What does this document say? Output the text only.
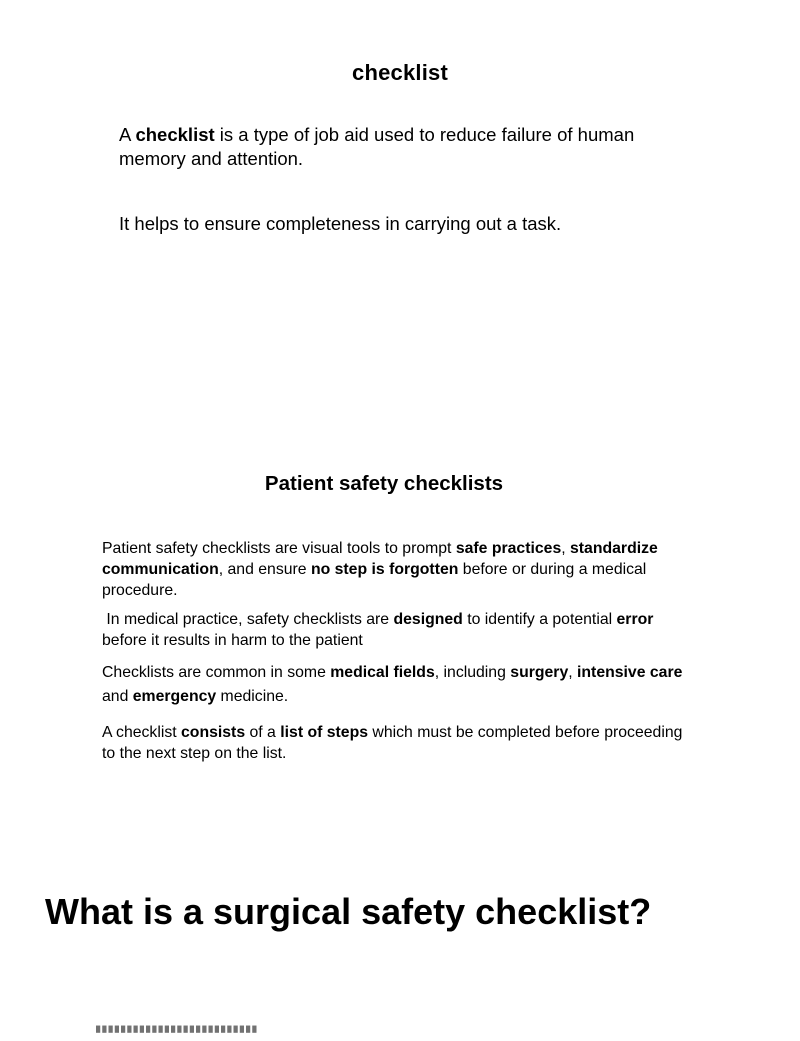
checklist
A checklist is a type of job aid used to reduce failure of human memory and attention.
It helps to ensure completeness in carrying out a task.
Patient safety checklists
Patient safety checklists are visual tools to prompt safe practices, standardize communication, and ensure no step is forgotten before or during a medical procedure.
In medical practice, safety checklists are designed to identify a potential error before it results in harm to the patient
Checklists are common in some medical fields, including surgery, intensive care and emergency medicine.
A checklist consists of a list of steps which must be completed before proceeding to the next step on the list.
What is a surgical safety checklist?
██████████████████████████
